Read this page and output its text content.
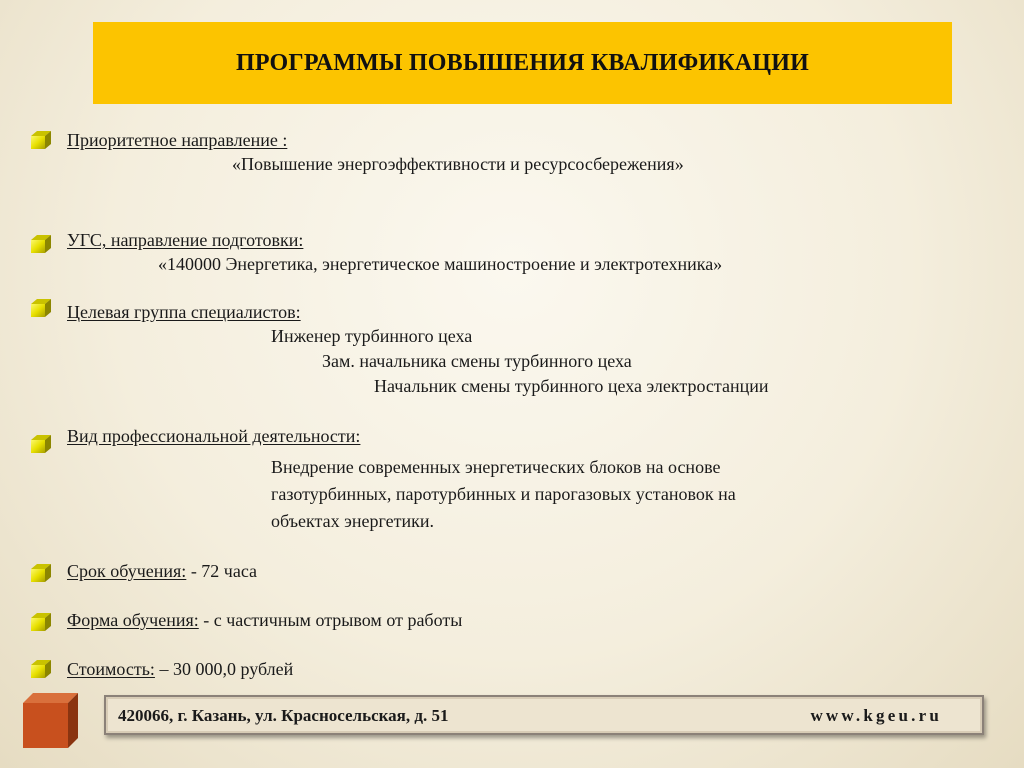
ПРОГРАММЫ ПОВЫШЕНИЯ КВАЛИФИКАЦИИ
Приоритетное направление :
«Повышение энергоэффективности и ресурсосбережения»
УГС, направление подготовки:
«140000 Энергетика, энергетическое машиностроение и электротехника»
Целевая группа специалистов:
Инженер турбинного цеха
Зам. начальника смены турбинного цеха
Начальник смены турбинного цеха электростанции
Вид профессиональной деятельности:
Внедрение современных энергетических блоков на основе
газотурбинных, паротурбинных и парогазовых установок на
объектах энергетики.
Срок обучения: - 72 часа
Форма обучения: - с частичным отрывом от работы
Стоимость: – 30 000,0 рублей
420066, г. Казань, ул. Красносельская, д. 51	www.kgeu.ru
